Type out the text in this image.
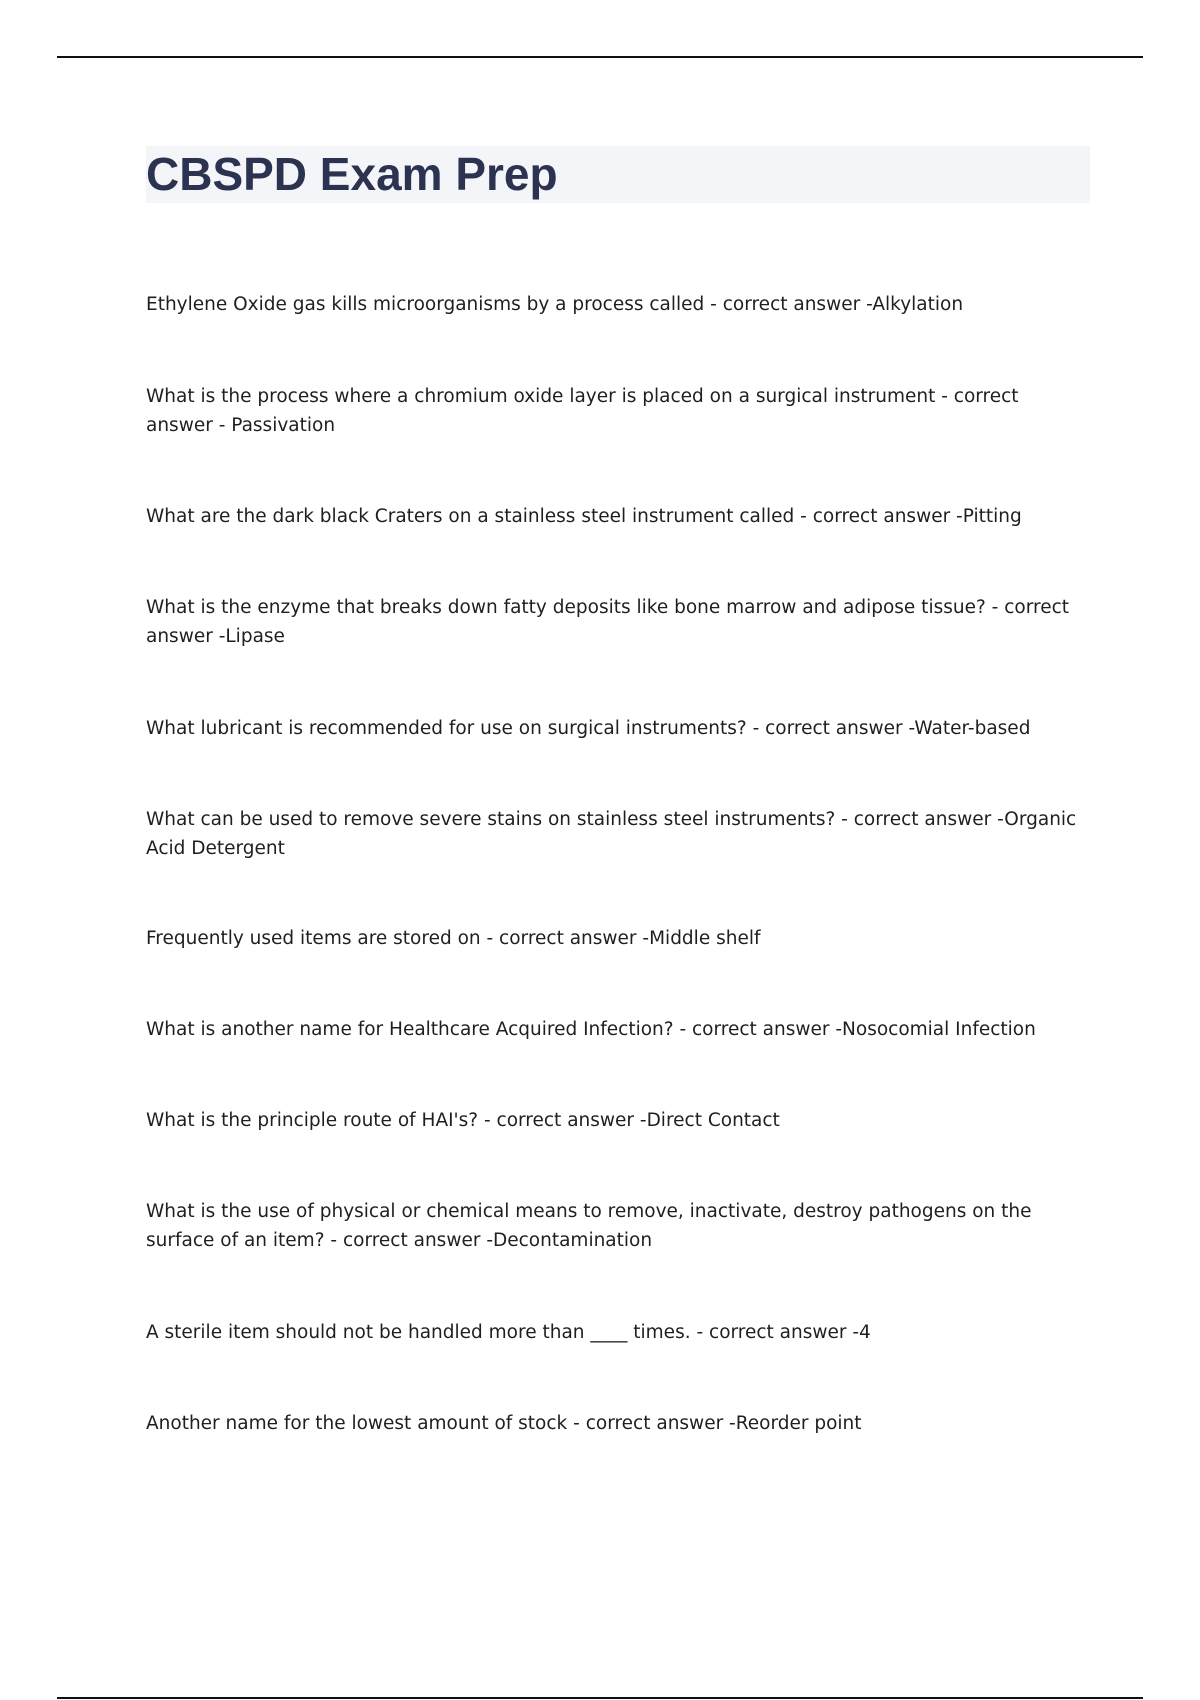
CBSPD Exam Prep
Ethylene Oxide gas kills microorganisms by a process called - correct answer -Alkylation
What is the process where a chromium oxide layer is placed on a surgical instrument - correct answer - Passivation
What are the dark black Craters on a stainless steel instrument called - correct answer -Pitting
What is the enzyme that breaks down fatty deposits like bone marrow and adipose tissue? - correct answer -Lipase
What lubricant is recommended for use on surgical instruments? - correct answer -Water-based
What can be used to remove severe stains on stainless steel instruments? - correct answer -Organic Acid Detergent
Frequently used items are stored on - correct answer -Middle shelf
What is another name for Healthcare Acquired Infection? - correct answer -Nosocomial Infection
What is the principle route of HAI's? - correct answer -Direct Contact
What is the use of physical or chemical means to remove, inactivate, destroy pathogens on the surface of an item? - correct answer -Decontamination
A sterile item should not be handled more than ____ times. - correct answer -4
Another name for the lowest amount of stock - correct answer -Reorder point
